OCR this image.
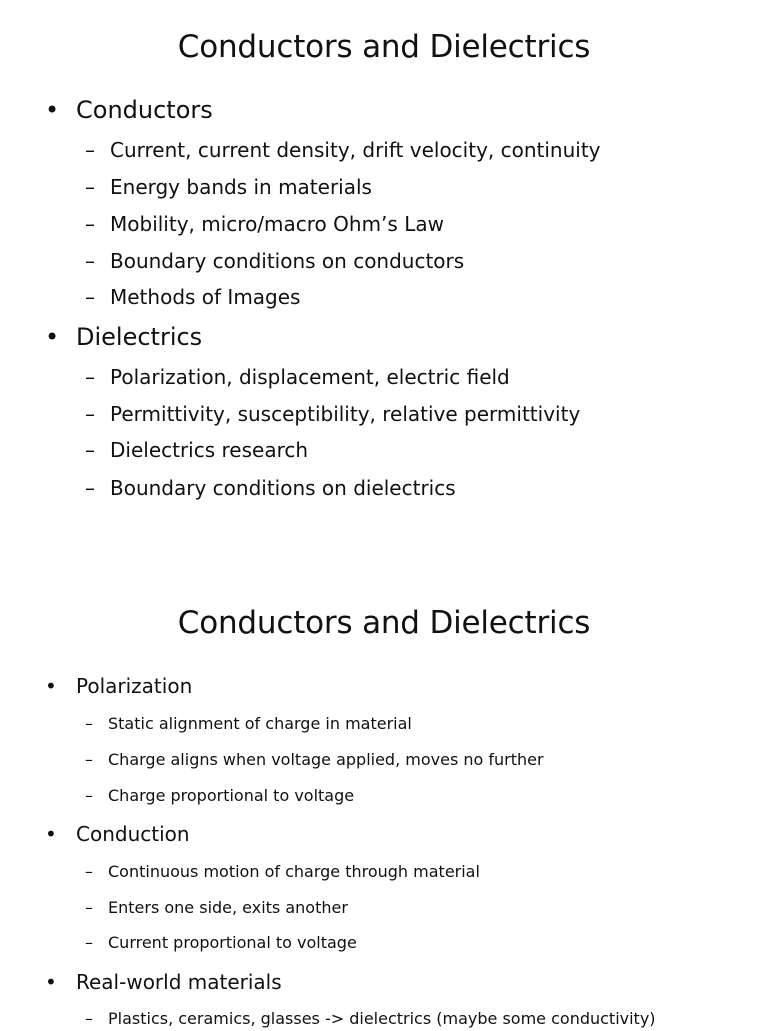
Conductors and Dielectrics
• Conductors
– Current, current density, drift velocity, continuity
– Energy bands in materials
– Mobility, micro/macro Ohm’s Law
– Boundary conditions on conductors
– Methods of Images
• Dielectrics
– Polarization, displacement, electric field
– Permittivity, susceptibility, relative permittivity
– Dielectrics research
– Boundary conditions on dielectrics
Conductors and Dielectrics
• Polarization
– Static alignment of charge in material
– Charge aligns when voltage applied, moves no further
– Charge proportional to voltage
• Conduction
– Continuous motion of charge through material
– Enters one side, exits another
– Current proportional to voltage
• Real-world materials
– Plastics, ceramics, glasses -> dielectrics (maybe some conductivity)
